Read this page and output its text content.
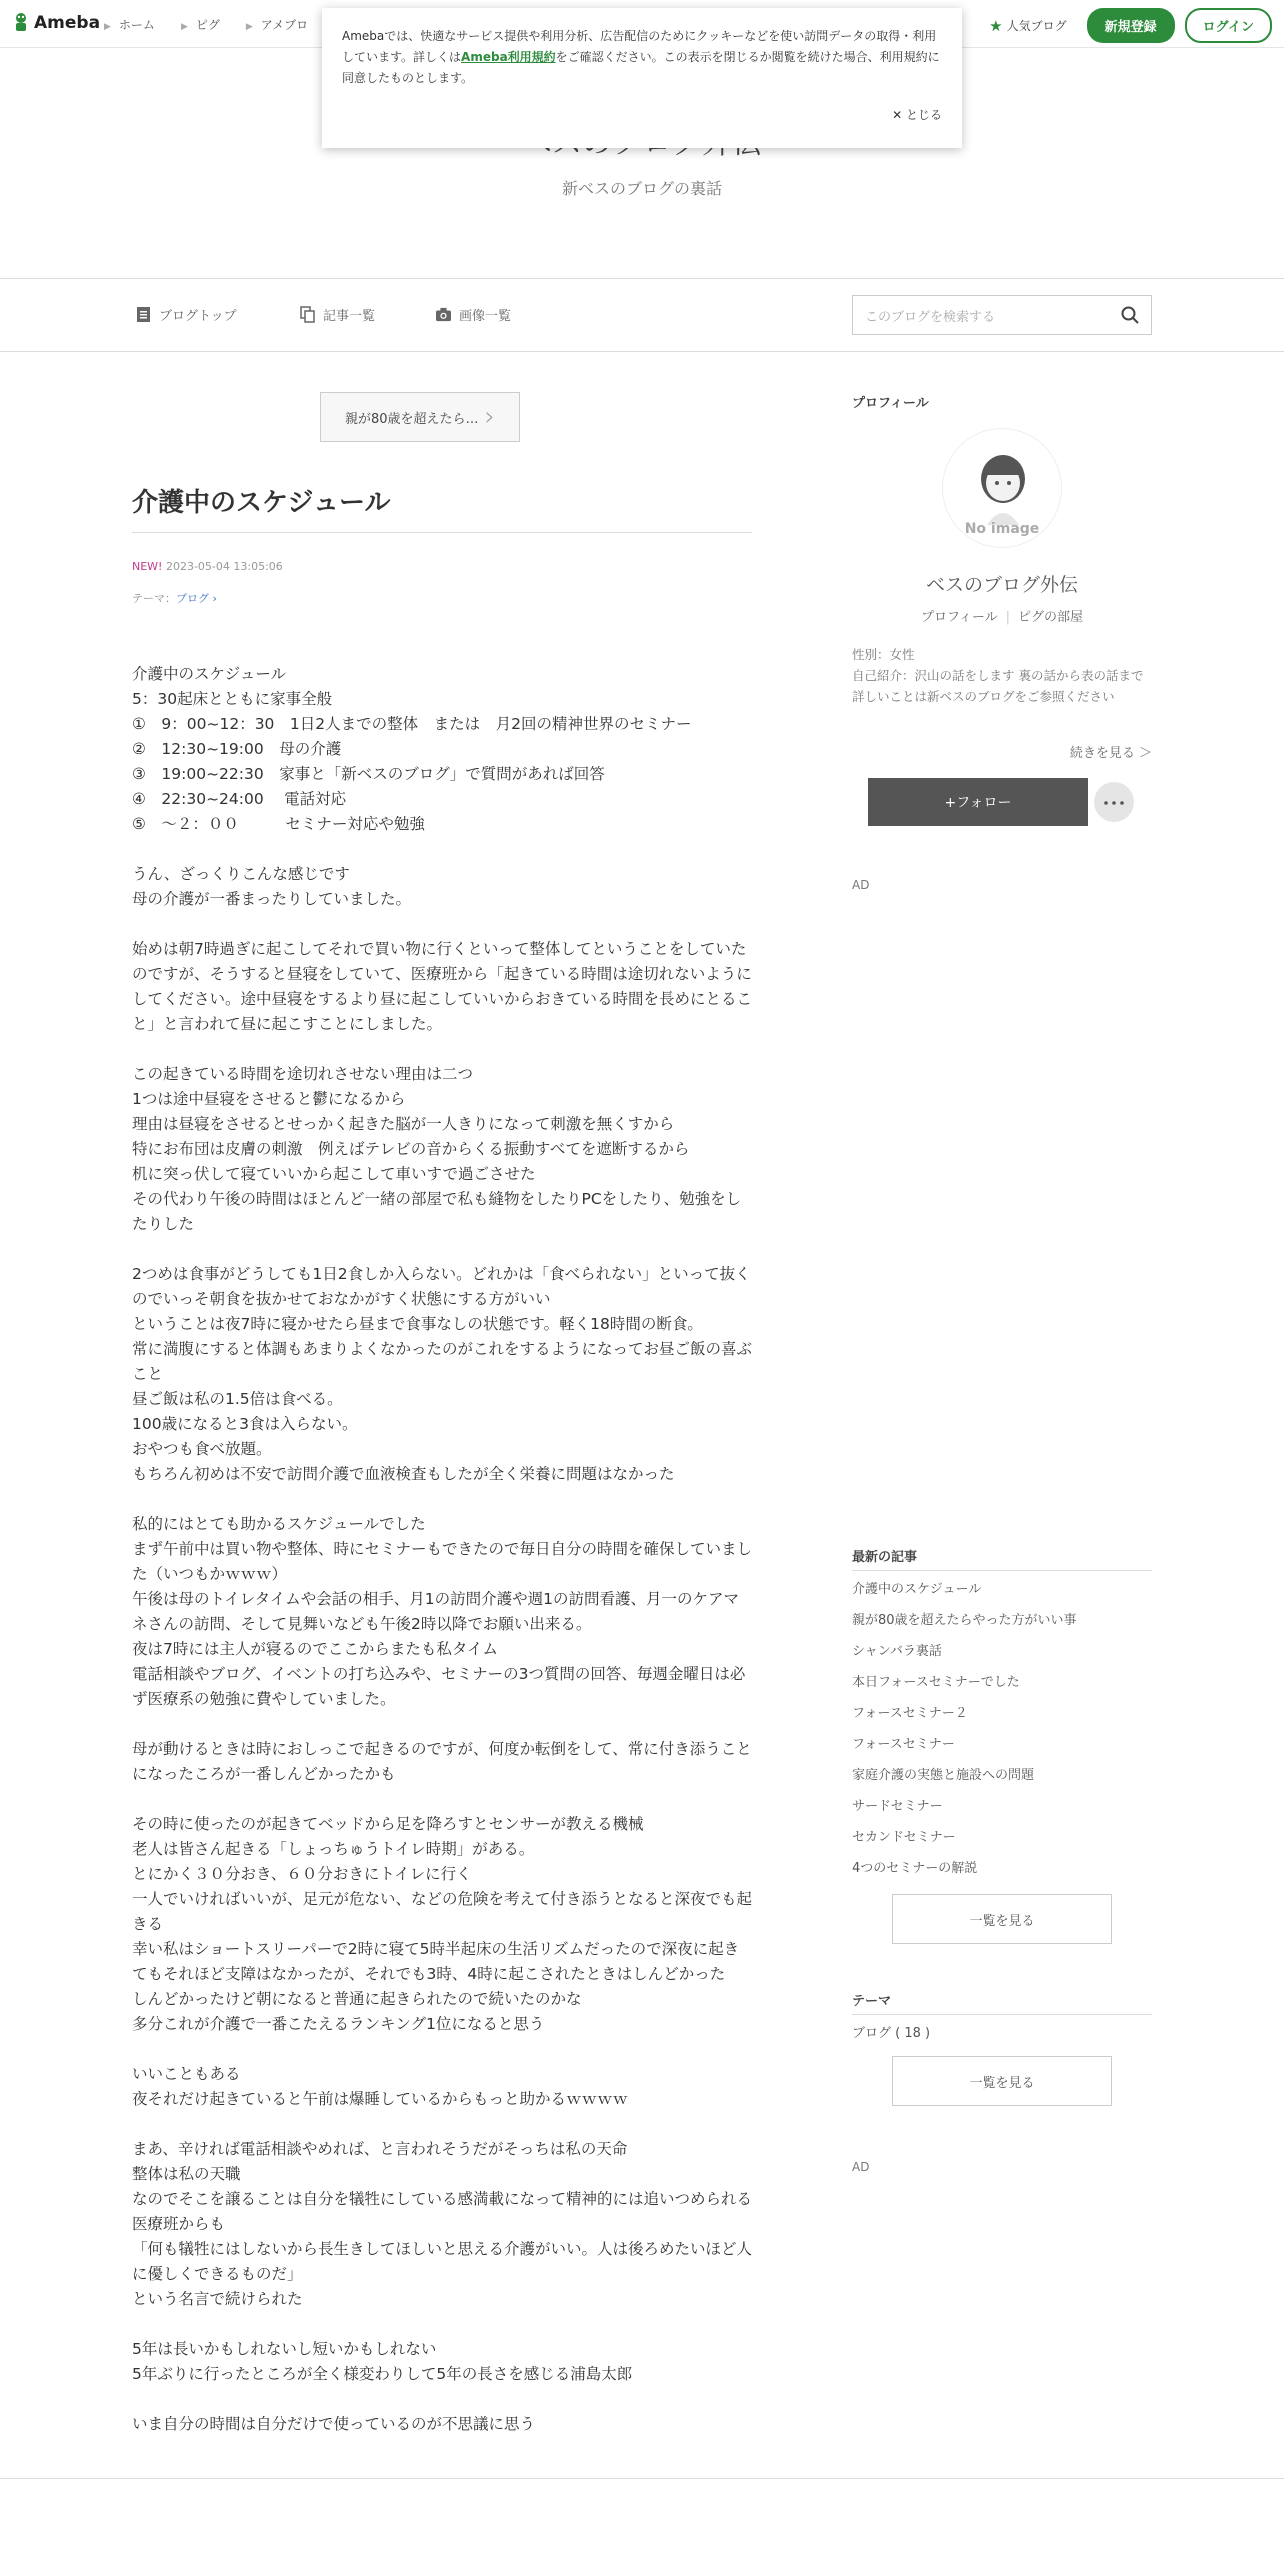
Ameba ▶ ホーム	▶ ピグ	▶ アメブロ	★ 人気ブログ	新規登録	ログイン
Amebaでは、快適なサービス提供や利用分析、広告配信のためにクッキーなどを使い訪問データの取得・利用しています。詳しくはAmeba利用規約をご確認ください。この表示を閉じるか閲覧を続けた場合、利用規約に同意したものとします。
✕ とじる
新ベスのブログの裏話
ブログトップ	記事一覧	画像一覧	このブログを検索する
親が80歳を超えたら… ›
介護中のスケジュール
NEW! 2023-05-04 13:05:06
テーマ：ブログ ›

介護中のスケジュール

5：30起床とともに家事全般

①　9：00~12：30　1日2人までの整体　または　月2回の精神世界のセミナー

②　12:30~19:00　母の介護

③　19:00~22:30　家事と「新ベスのブログ」で質問があれば回答

④　22:30~24:00　 電話対応

⑤　～２：００　　　セミナー対応や勉強

うん、ざっくりこんな感じです

母の介護が一番まったりしていました。

始めは朝7時過ぎに起こしてそれで買い物に行くといって整体してということをしていたのですが、そうすると昼寝をしていて、医療班から「起きている時間は途切れないようにしてください。途中昼寝をするより昼に起こしていいからおきている時間を長めにとること」と言われて昼に起こすことにしました。

この起きている時間を途切れさせない理由は二つ

1つは途中昼寝をさせると鬱になるから

理由は昼寝をさせるとせっかく起きた脳が一人きりになって刺激を無くすから

特にお布団は皮膚の刺激　例えばテレビの音からくる振動すべてを遮断するから

机に突っ伏して寝ていいから起こして車いすで過ごさせた

その代わり午後の時間はほとんど一緒の部屋で私も縫物をしたりPCをしたり、勉強をしたりした

2つめは食事がどうしても1日2食しか入らない。どれかは「食べられない」といって抜くのでいっそ朝食を抜かせておなかがすく状態にする方がいい

ということは夜7時に寝かせたら昼まで食事なしの状態です。軽く18時間の断食。

常に満腹にすると体調もあまりよくなかったのがこれをするようになってお昼ご飯の喜ぶこと

昼ご飯は私の1.5倍は食べる。

100歳になると3食は入らない。

おやつも食べ放題。

もちろん初めは不安で訪問介護で血液検査もしたが全く栄養に問題はなかった

私的にはとても助かるスケジュールでした

まず午前中は買い物や整体、時にセミナーもできたので毎日自分の時間を確保していました（いつもかｗｗｗ）

午後は母のトイレタイムや会話の相手、月1の訪問介護や週1の訪問看護、月一のケアマネさんの訪問、そして見舞いなども午後2時以降でお願い出来る。

夜は7時には主人が寝るのでここからまたも私タイム

電話相談やブログ、イベントの打ち込みや、セミナーの3つ質問の回答、毎週金曜日は必ず医療系の勉強に費やしていました。

母が動けるときは時におしっこで起きるのですが、何度か転倒をして、常に付き添うことになったころが一番しんどかったかも

その時に使ったのが起きてベッドから足を降ろすとセンサーが教える機械

老人は皆さん起きる「しょっちゅうトイレ時期」がある。

とにかく３０分おき、６０分おきにトイレに行く

一人でいければいいが、足元が危ない、などの危険を考えて付き添うとなると深夜でも起きる

幸い私はショートスリーパーで2時に寝て5時半起床の生活リズムだったので深夜に起きてもそれほど支障はなかったが、それでも3時、4時に起こされたときはしんどかった

しんどかったけど朝になると普通に起きられたので続いたのかな

多分これが介護で一番こたえるランキング1位になると思う

いいこともある

夜それだけ起きていると午前は爆睡しているからもっと助かるｗｗｗｗ

まあ、辛ければ電話相談やめれば、と言われそうだがそっちは私の天命

整体は私の天職

なのでそこを譲ることは自分を犠牲にしている感満載になって精神的には追いつめられる

医療班からも

「何も犠牲にはしないから長生きしてほしいと思える介護がいい。人は後ろめたいほど人に優しくできるものだ」

という名言で続けられた

5年は長いかもしれないし短いかもしれない

5年ぶりに行ったところが全く様変わりして5年の長さを感じる浦島太郎

いま自分の時間は自分だけで使っているのが不思議に思う

プロフィール
No image
ベスのブログ外伝
プロフィール | ピグの部屋
性別：女性
自己紹介：沢山の話をします 裏の話から表の話まで 詳しいことは新ベスのブログをご参照ください
続きを見る ＞
+フォロー	･･･
AD
最新の記事
介護中のスケジュール
親が80歳を超えたらやった方がいい事
シャンバラ裏話
本日フォースセミナーでした
フォースセミナー２
フォースセミナー
家庭介護の実態と施設への問題
サードセミナー
セカンドセミナー
4つのセミナーの解説
一覧を見る
テーマ
ブログ ( 18 )
一覧を見る
AD
